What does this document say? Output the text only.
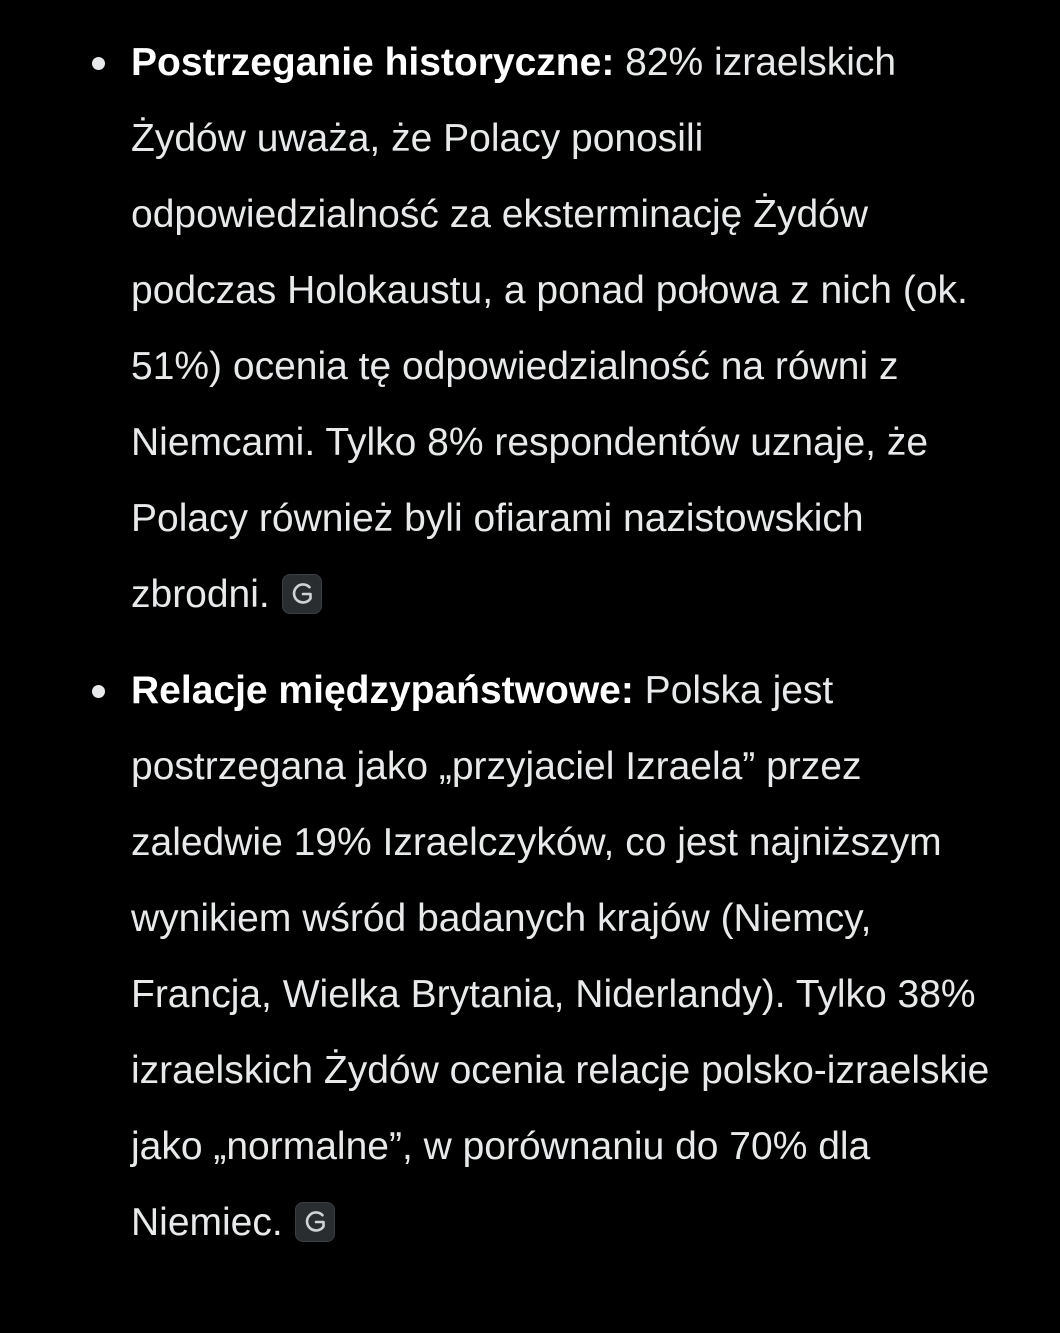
Postrzeganie historyczne: 82% izraelskich Żydów uważa, że Polacy ponosili odpowiedzialność za eksterminację Żydów podczas Holokaustu, a ponad połowa z nich (ok. 51%) ocenia tę odpowiedzialność na równi z Niemcami. Tylko 8% respondentów uznaje, że Polacy również byli ofiarami nazistowskich zbrodni.
Relacje międzypaństwowe: Polska jest postrzegana jako „przyjaciel Izraela” przez zaledwie 19% Izraelczyków, co jest najniższym wynikiem wśród badanych krajów (Niemcy, Francja, Wielka Brytania, Niderlandy). Tylko 38% izraelskich Żydów ocenia relacje polsko-izraelskie jako „normalne”, w porównaniu do 70% dla Niemiec.
